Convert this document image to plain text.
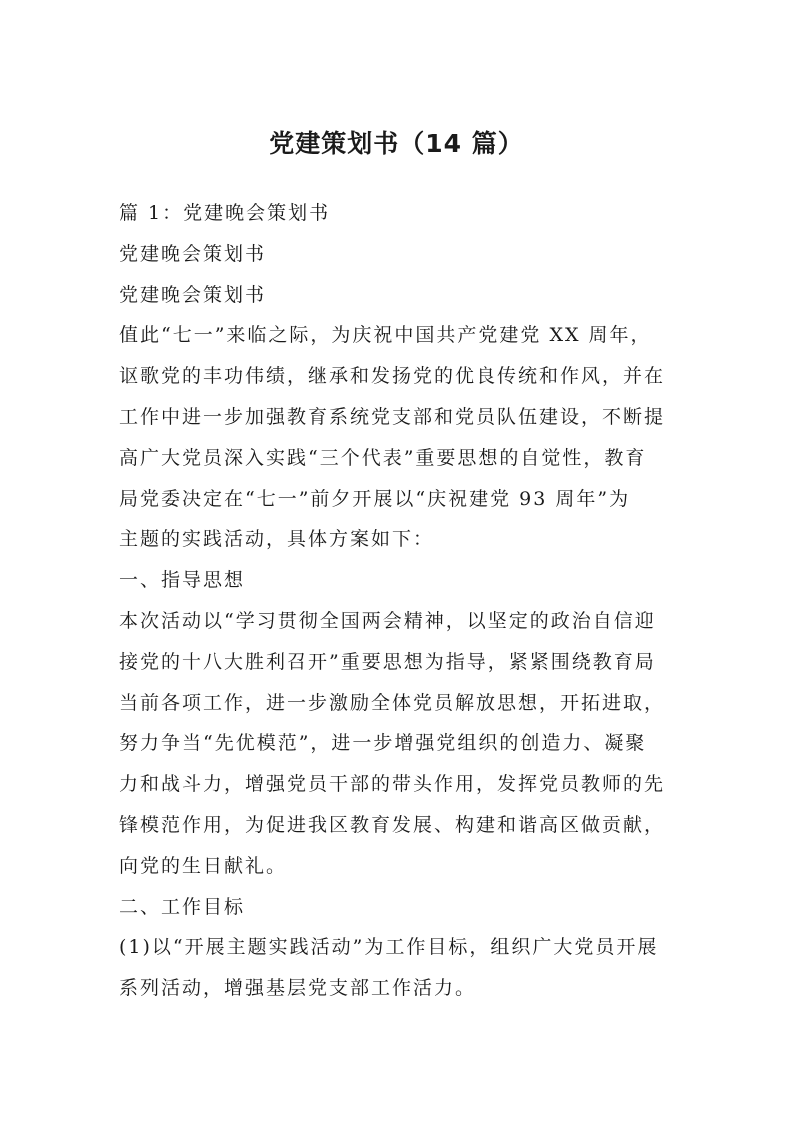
党建策划书（14 篇）

篇 1：党建晚会策划书

党建晚会策划书

党建晚会策划书

值此“七一”来临之际，为庆祝中国共产党建党 XX 周年，

讴歌党的丰功伟绩，继承和发扬党的优良传统和作风，并在

工作中进一步加强教育系统党支部和党员队伍建设，不断提

高广大党员深入实践“三个代表”重要思想的自觉性，教育

局党委决定在“七一”前夕开展以“庆祝建党 93 周年”为

主题的实践活动，具体方案如下：

一、指导思想

本次活动以“学习贯彻全国两会精神，以坚定的政治自信迎

接党的十八大胜利召开”重要思想为指导，紧紧围绕教育局

当前各项工作，进一步激励全体党员解放思想，开拓进取，

努力争当“先优模范”，进一步增强党组织的创造力、凝聚

力和战斗力，增强党员干部的带头作用，发挥党员教师的先

锋模范作用，为促进我区教育发展、构建和谐高区做贡献，

向党的生日献礼。

二、工作目标

(1)以“开展主题实践活动”为工作目标，组织广大党员开展

系列活动，增强基层党支部工作活力。
